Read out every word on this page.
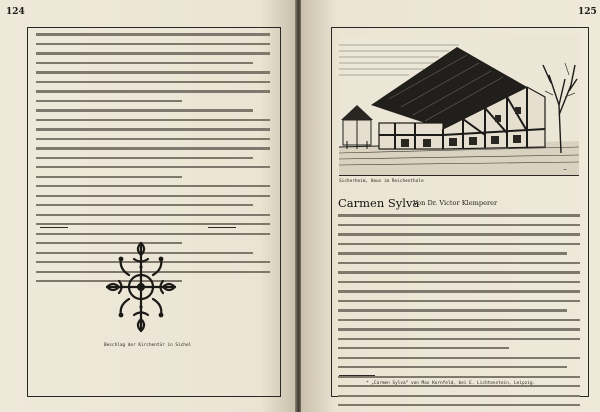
124
Beschlag der Kirchentür in Sichel
125
~
Sicherheim, Haus im Reichenthale
Carmen Sylva
Von Dr. Victor Klemperer
* „Carmen Sylva“ von Max Kornfeld, bei E. Lichtenstein, Leipzig.
